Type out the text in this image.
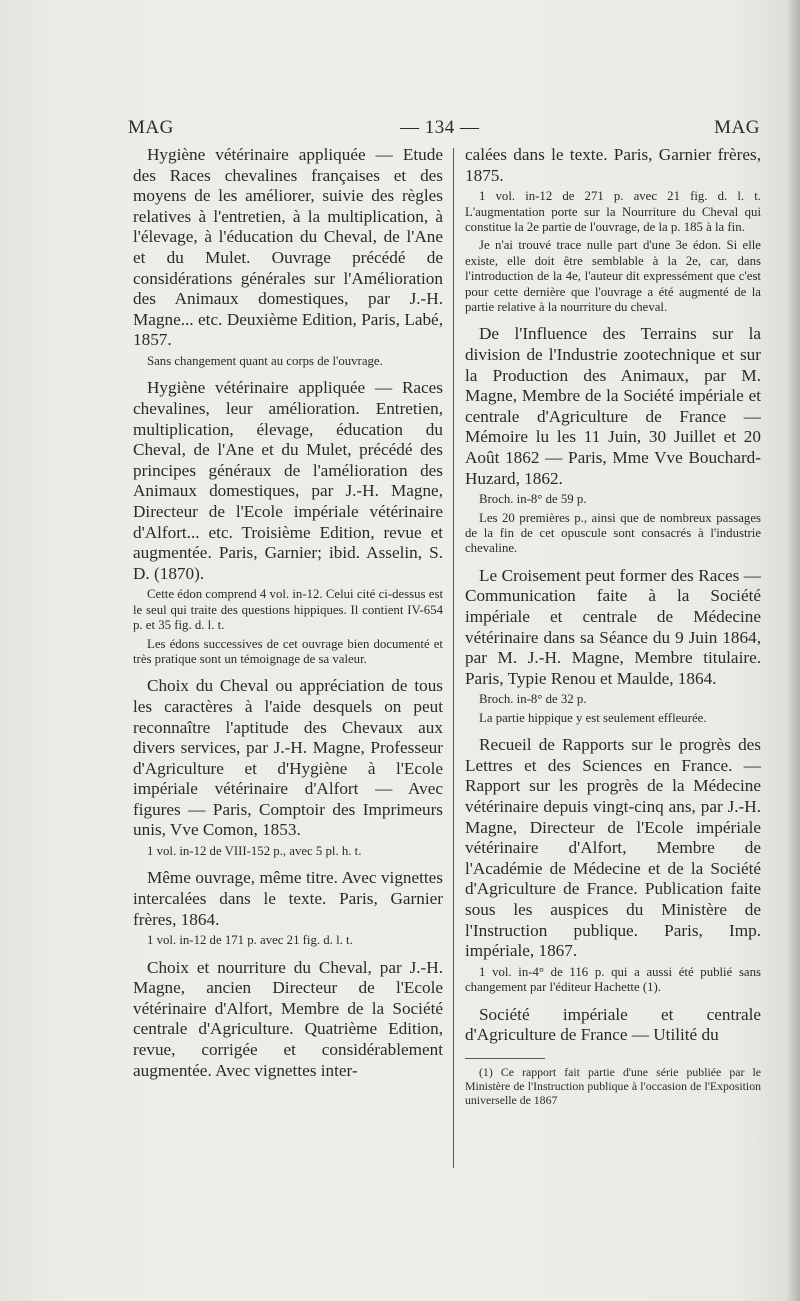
MAG	— 134 —	MAG

Hygiène vétérinaire appliquée — Etude des Races chevalines françaises et des moyens de les améliorer, suivie des règles relatives à l'entretien, à la multiplication, à l'élevage, à l'éducation du Cheval, de l'Ane et du Mulet. Ouvrage précédé de considérations générales sur l'Amélioration des Animaux domestiques, par J.-H. Magne... etc. Deuxième Edition, Paris, Labé, 1857.

Sans changement quant au corps de l'ouvrage.

Hygiène vétérinaire appliquée — Races chevalines, leur amélioration. Entretien, multiplication, élevage, éducation du Cheval, de l'Ane et du Mulet, précédé des principes généraux de l'amélioration des Animaux domestiques, par J.-H. Magne, Directeur de l'Ecole impériale vétérinaire d'Alfort... etc. Troisième Edition, revue et augmentée. Paris, Garnier; ibid. Asselin, S. D. (1870).

Cette édon comprend 4 vol. in-12. Celui cité ci-dessus est le seul qui traite des questions hippiques. Il contient IV-654 p. et 35 fig. d. l. t.

Les édons successives de cet ouvrage bien documenté et très pratique sont un témoignage de sa valeur.

Choix du Cheval ou appréciation de tous les caractères à l'aide desquels on peut reconnaître l'aptitude des Chevaux aux divers services, par J.-H. Magne, Professeur d'Agriculture et d'Hygiène à l'Ecole impériale vétérinaire d'Alfort — Avec figures — Paris, Comptoir des Imprimeurs unis, Vve Comon, 1853.

1 vol. in-12 de VIII-152 p., avec 5 pl. h. t.

Même ouvrage, même titre. Avec vignettes intercalées dans le texte. Paris, Garnier frères, 1864.

1 vol. in-12 de 171 p. avec 21 fig. d. l. t.

Choix et nourriture du Cheval, par J.-H. Magne, ancien Directeur de l'Ecole vétérinaire d'Alfort, Membre de la Société centrale d'Agriculture. Quatrième Edition, revue, corrigée et considérablement augmentée. Avec vignettes inter-

calées dans le texte. Paris, Garnier frères, 1875.

1 vol. in-12 de 271 p. avec 21 fig. d. l. t. L'augmentation porte sur la Nourriture du Cheval qui constitue la 2e partie de l'ouvrage, de la p. 185 à la fin.

Je n'ai trouvé trace nulle part d'une 3e édon. Si elle existe, elle doit être semblable à la 2e, car, dans l'introduction de la 4e, l'auteur dit expressément que c'est pour cette dernière que l'ouvrage a été augmenté de la partie relative à la nourriture du cheval.

De l'Influence des Terrains sur la division de l'Industrie zootechnique et sur la Production des Animaux, par M. Magne, Membre de la Société impériale et centrale d'Agriculture de France — Mémoire lu les 11 Juin, 30 Juillet et 20 Août 1862 — Paris, Mme Vve Bouchard-Huzard, 1862.

Broch. in-8° de 59 p.

Les 20 premières p., ainsi que de nombreux passages de la fin de cet opuscule sont consacrés à l'industrie chevaline.

Le Croisement peut former des Races — Communication faite à la Société impériale et centrale de Médecine vétérinaire dans sa Séance du 9 Juin 1864, par M. J.-H. Magne, Membre titulaire. Paris, Typie Renou et Maulde, 1864.

Broch. in-8° de 32 p.

La partie hippique y est seulement effleurée.

Recueil de Rapports sur le progrès des Lettres et des Sciences en France. — Rapport sur les progrès de la Médecine vétérinaire depuis vingt-cinq ans, par J.-H. Magne, Directeur de l'Ecole impériale vétérinaire d'Alfort, Membre de l'Académie de Médecine et de la Société d'Agriculture de France. Publication faite sous les auspices du Ministère de l'Instruction publique. Paris, Imp. impériale, 1867.

1 vol. in-4° de 116 p. qui a aussi été publié sans changement par l'éditeur Hachette (1).

Société impériale et centrale d'Agriculture de France — Utilité du

(1) Ce rapport fait partie d'une série publiée par le Ministère de l'Instruction publique à l'occasion de l'Exposition universelle de 1867
